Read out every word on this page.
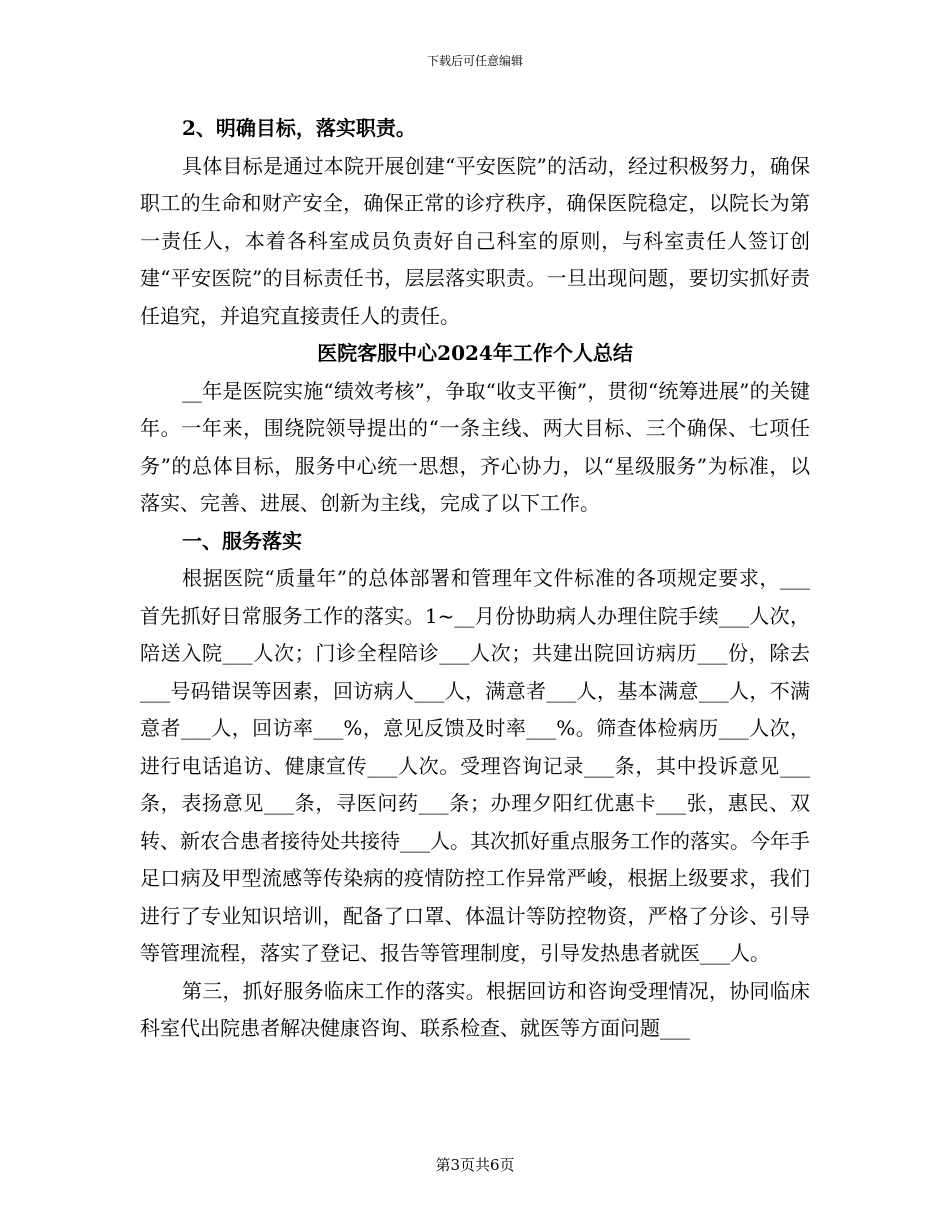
下载后可任意编辑

2、明确目标，落实职责。

具体目标是通过本院开展创建“平安医院”的活动，经过积极努力，确保职工的生命和财产安全，确保正常的诊疗秩序，确保医院稳定，以院长为第一责任人，本着各科室成员负责好自己科室的原则，与科室责任人签订创建“平安医院”的目标责任书，层层落实职责。一旦出现问题，要切实抓好责任追究，并追究直接责任人的责任。

医院客服中心2024年工作个人总结

__年是医院实施“绩效考核”，争取“收支平衡”，贯彻“统筹进展”的关键年。一年来，围绕院领导提出的“一条主线、两大目标、三个确保、七项任务”的总体目标，服务中心统一思想，齐心协力，以“星级服务”为标准，以落实、完善、进展、创新为主线，完成了以下工作。

一、服务落实

根据医院“质量年”的总体部署和管理年文件标准的各项规定要求，___首先抓好日常服务工作的落实。1~__月份协助病人办理住院手续___人次，陪送入院___人次；门诊全程陪诊___人次；共建出院回访病历___份，除去___号码错误等因素，回访病人___人，满意者___人，基本满意___人，不满意者___人，回访率___%，意见反馈及时率___%。筛查体检病历___人次，进行电话追访、健康宣传___人次。受理咨询记录___条，其中投诉意见___条，表扬意见___条，寻医问药___条；办理夕阳红优惠卡___张，惠民、双转、新农合患者接待处共接待___人。其次抓好重点服务工作的落实。今年手足口病及甲型流感等传染病的疫情防控工作异常严峻，根据上级要求，我们进行了专业知识培训，配备了口罩、体温计等防控物资，严格了分诊、引导等管理流程，落实了登记、报告等管理制度，引导发热患者就医___人。

第三，抓好服务临床工作的落实。根据回访和咨询受理情况，协同临床科室代出院患者解决健康咨询、联系检查、就医等方面问题___

第3页共6页
